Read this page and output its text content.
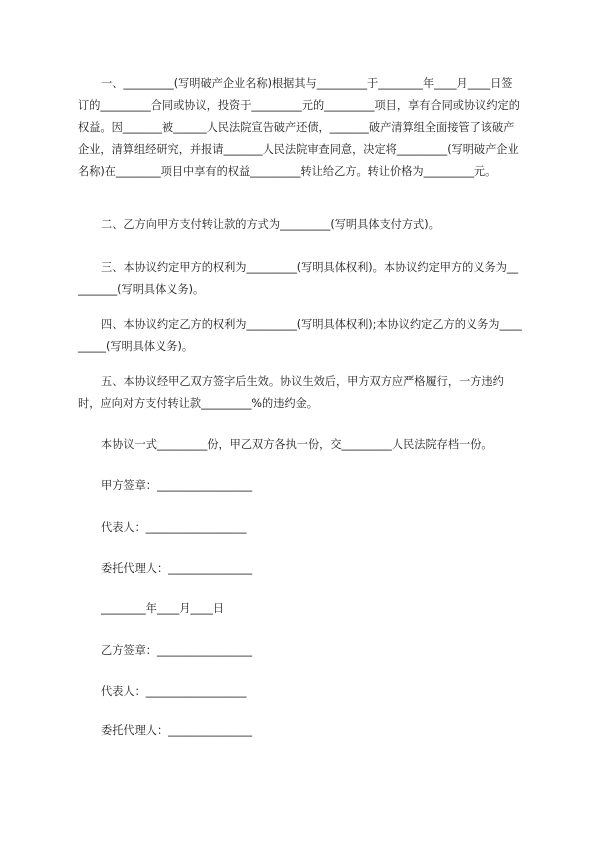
一、_________(写明破产企业名称)根据其与_________于________年____月____日签订的_________合同或协议，投资于_________元的_________项目，享有合同或协议约定的权益。因_______被______人民法院宣告破产还债，_______破产清算组全面接管了该破产企业，清算组经研究，并报请_______人民法院审查同意，决定将_________(写明破产企业名称)在________项目中享有的权益_________转让给乙方。转让价格为_________元。
二、乙方向甲方支付转让款的方式为_________(写明具体支付方式)。
三、本协议约定甲方的权利为_________(写明具体权利)。本协议约定甲方的义务为_________(写明具体义务)。
四、本协议约定乙方的权利为_________(写明具体权利);本协议约定乙方的义务为_________(写明具体义务)。
五、本协议经甲乙双方签字后生效。协议生效后，甲方双方应严格履行，一方违约时，应向对方支付转让款_________%的违约金。
本协议一式_________份，甲乙双方各执一份，交_________人民法院存档一份。
甲方签章：_________________
代表人：__________________
委托代理人：_______________
________年____月____日
乙方签章：_________________
代表人：__________________
委托代理人：_______________
